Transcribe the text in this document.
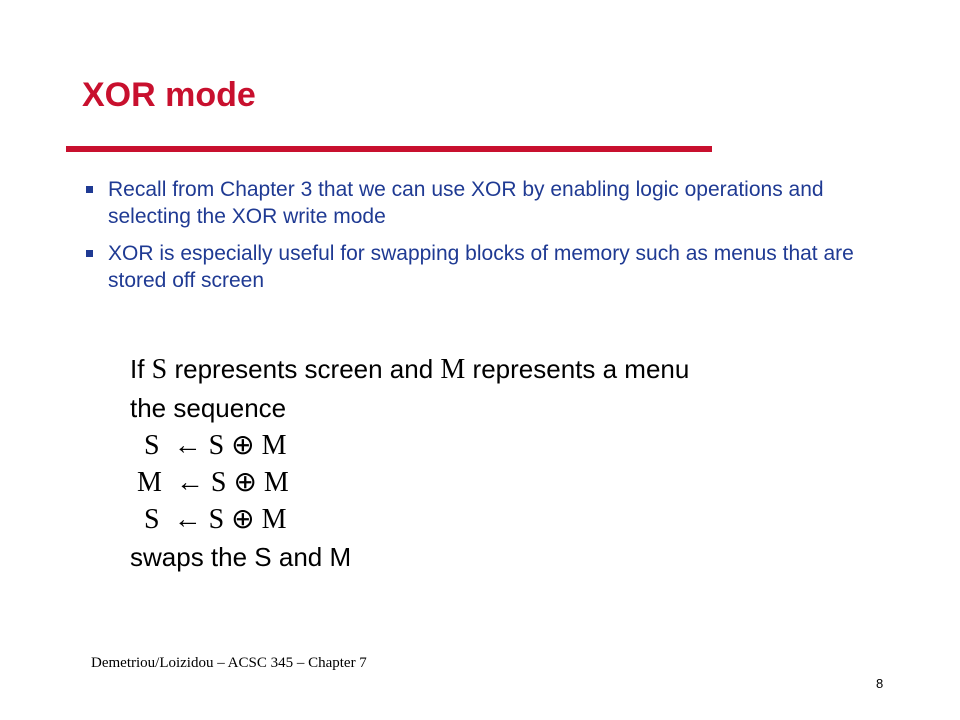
XOR mode
Recall from Chapter 3 that we can use XOR by enabling logic operations and selecting the XOR write mode
XOR is especially useful for swapping blocks of memory such as menus that are stored off screen
If S represents screen and M represents a menu
the sequence
S  ← S ⊕ M
M  ← S ⊕ M
S  ← S ⊕ M
swaps the S and M
Demetriou/Loizidou – ACSC 345 – Chapter 7
8
